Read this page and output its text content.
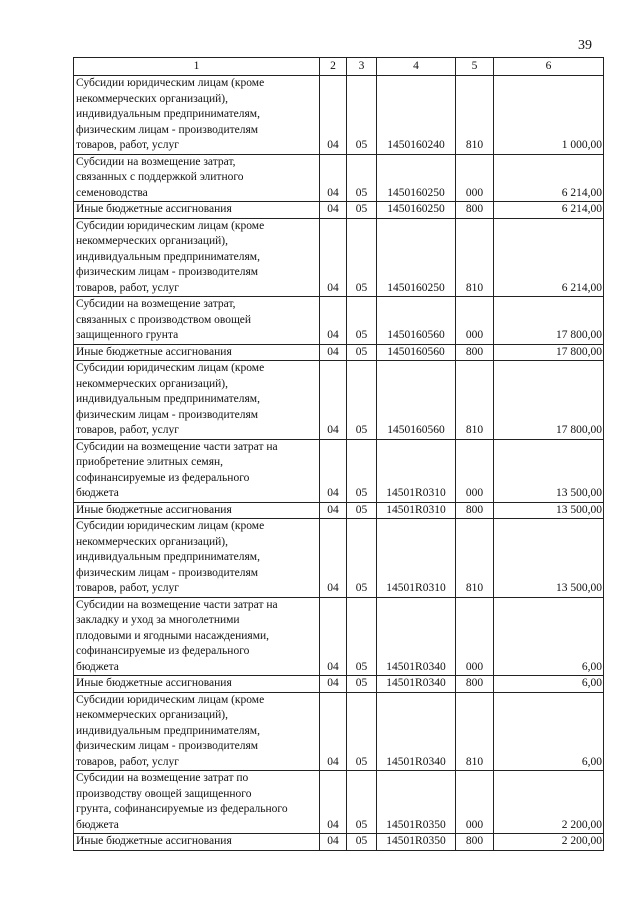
39
1	2	3	4	5	6
Субсидии юридическим лицам (кроме
некоммерческих организаций),
индивидуальным предпринимателям,
физическим лицам - производителям
товаров, работ, услуг	04	05	1450160240	810	1 000,00
Субсидии на возмещение затрат,
связанных с поддержкой элитного
семеноводства	04	05	1450160250	000	6 214,00
Иные бюджетные ассигнования	04	05	1450160250	800	6 214,00
Субсидии юридическим лицам (кроме
некоммерческих организаций),
индивидуальным предпринимателям,
физическим лицам - производителям
товаров, работ, услуг	04	05	1450160250	810	6 214,00
Субсидии на возмещение затрат,
связанных с производством овощей
защищенного грунта	04	05	1450160560	000	17 800,00
Иные бюджетные ассигнования	04	05	1450160560	800	17 800,00
Субсидии юридическим лицам (кроме
некоммерческих организаций),
индивидуальным предпринимателям,
физическим лицам - производителям
товаров, работ, услуг	04	05	1450160560	810	17 800,00
Субсидии на возмещение части затрат на
приобретение элитных семян,
софинансируемые из федерального
бюджета	04	05	14501R0310	000	13 500,00
Иные бюджетные ассигнования	04	05	14501R0310	800	13 500,00
Субсидии юридическим лицам (кроме
некоммерческих организаций),
индивидуальным предпринимателям,
физическим лицам - производителям
товаров, работ, услуг	04	05	14501R0310	810	13 500,00
Субсидии на возмещение части затрат на
закладку и уход за многолетними
плодовыми и ягодными насаждениями,
софинансируемые из федерального
бюджета	04	05	14501R0340	000	6,00
Иные бюджетные ассигнования	04	05	14501R0340	800	6,00
Субсидии юридическим лицам (кроме
некоммерческих организаций),
индивидуальным предпринимателям,
физическим лицам - производителям
товаров, работ, услуг	04	05	14501R0340	810	6,00
Субсидии на возмещение затрат по
производству овощей защищенного
грунта, софинансируемые из федерального
бюджета	04	05	14501R0350	000	2 200,00
Иные бюджетные ассигнования	04	05	14501R0350	800	2 200,00
